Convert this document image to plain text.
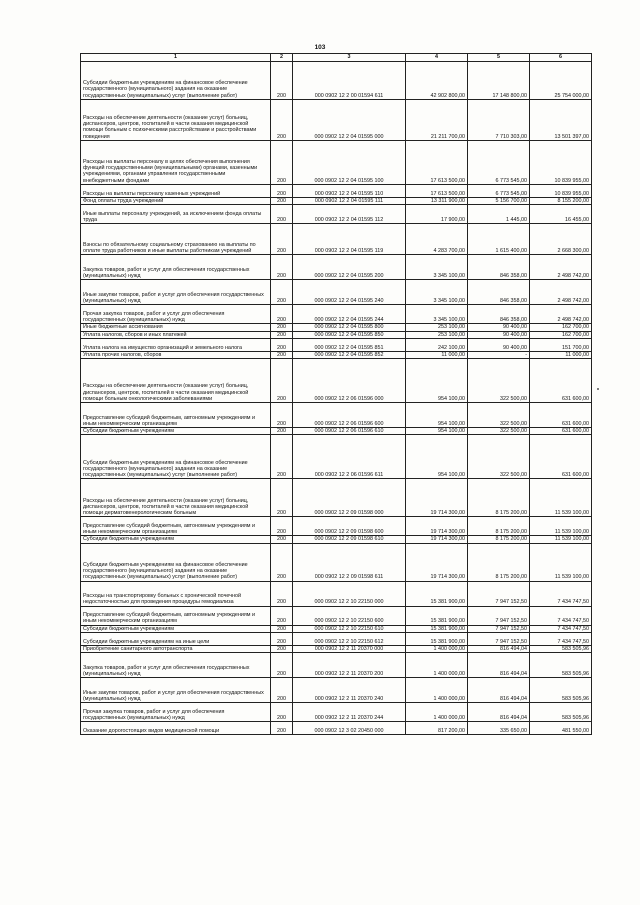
103
1	2	3	4	5	6
Субсидии бюджетным учреждениям на финансовое обеспечение государственного (муниципального) задания на оказание государственных (муниципальных) услуг (выполнение работ)	200	000 0902 12 2 00 01594 611	42 902 800,00	17 148 800,00	25 754 000,00
Расходы на обеспечение деятельности (оказание услуг) больниц, диспансеров, центров, госпиталей в части оказания медицинской помощи больным с психическими расстройствами и расстройствами поведения	200	000 0902 12 2 04 01595 000	21 211 700,00	7 710 303,00	13 501 397,00
Расходы на выплаты персоналу в целях обеспечения выполнения функций государственными (муниципальными) органами, казенными учреждениями, органами управления государственными внебюджетными фондами	200	000 0902 12 2 04 01595 100	17 613 500,00	6 773 545,00	10 839 955,00
Расходы на выплаты персоналу казенных учреждений	200	000 0902 12 2 04 01595 110	17 613 500,00	6 773 545,00	10 839 955,00
Фонд оплаты труда учреждений	200	000 0902 12 2 04 01595 111	13 311 900,00	5 156 700,00	8 155 200,00
Иные выплаты персоналу учреждений, за исключением фонда оплаты труда	200	000 0902 12 2 04 01595 112	17 900,00	1 445,00	16 455,00
Взносы по обязательному социальному страхованию на выплаты по оплате труда работников и иные выплаты работникам учреждений	200	000 0902 12 2 04 01595 119	4 283 700,00	1 615 400,00	2 668 300,00
Закупка товаров, работ и услуг для обеспечения государственных (муниципальных) нужд	200	000 0902 12 2 04 01595 200	3 345 100,00	846 358,00	2 498 742,00
Иные закупки товаров, работ и услуг для обеспечения государственных (муниципальных) нужд	200	000 0902 12 2 04 01595 240	3 345 100,00	846 358,00	2 498 742,00
Прочая закупка товаров, работ и услуг для обеспечения государственных (муниципальных) нужд	200	000 0902 12 2 04 01595 244	3 345 100,00	846 358,00	2 498 742,00
Иные бюджетные ассигнования	200	000 0902 12 2 04 01595 800	253 100,00	90 400,00	162 700,00
Уплата налогов, сборов и иных платежей	200	000 0902 12 2 04 01595 850	253 100,00	90 400,00	162 700,00
Уплата налога на имущество организаций и земельного налога	200	000 0902 12 2 04 01595 851	242 100,00	90 400,00	151 700,00
Уплата прочих налогов, сборов	200	000 0902 12 2 04 01595 852	11 000,00	-	11 000,00
Расходы на обеспечение деятельности (оказание услуг) больниц, диспансеров, центров, госпиталей в части оказания медицинской помощи больным онкологическими заболеваниями	200	000 0902 12 2 06 01596 000	954 100,00	322 500,00	631 600,00
Предоставление субсидий бюджетным, автономным учреждениям и иным некоммерческим организациям	200	000 0902 12 2 06 01596 600	954 100,00	322 500,00	631 600,00
Субсидии бюджетным учреждениям	200	000 0902 12 2 06 01596 610	954 100,00	322 500,00	631 600,00
Субсидии бюджетным учреждениям на финансовое обеспечение государственного (муниципального) задания на оказание государственных (муниципальных) услуг (выполнение работ)	200	000 0902 12 2 06 01596 611	954 100,00	322 500,00	631 600,00
Расходы на обеспечение деятельности (оказание услуг) больниц, диспансеров, центров, госпиталей в части оказания медицинской помощи дерматовенерологическим больным	200	000 0902 12 2 09 01598 000	19 714 300,00	8 175 200,00	11 539 100,00
Предоставление субсидий бюджетным, автономным учреждениям и иным некоммерческим организациям	200	000 0902 12 2 09 01598 600	19 714 300,00	8 175 200,00	11 539 100,00
Субсидии бюджетным учреждениям	200	000 0902 12 2 09 01598 610	19 714 300,00	8 175 200,00	11 539 100,00
Субсидии бюджетным учреждениям на финансовое обеспечение государственного (муниципального) задания на оказание государственных (муниципальных) услуг (выполнение работ)	200	000 0902 12 2 09 01598 611	19 714 300,00	8 175 200,00	11 539 100,00
Расходы на транспортировку больных с хронической почечной недостаточностью для проведения процедуры гемодиализа	200	000 0902 12 2 10 22150 000	15 381 900,00	7 947 152,50	7 434 747,50
Предоставление субсидий бюджетным, автономным учреждениям и иным некоммерческим организациям	200	000 0902 12 2 10 22150 600	15 381 900,00	7 947 152,50	7 434 747,50
Субсидии бюджетным учреждениям	200	000 0902 12 2 10 22150 610	15 381 900,00	7 947 152,50	7 434 747,50
Субсидии бюджетным учреждениям на иные цели	200	000 0902 12 2 10 22150 612	15 381 900,00	7 947 152,50	7 434 747,50
Приобретение санитарного автотранспорта	200	000 0902 12 2 11 20370 000	1 400 000,00	816 494,04	583 505,96
Закупка товаров, работ и услуг для обеспечения государственных (муниципальных) нужд	200	000 0902 12 2 11 20370 200	1 400 000,00	816 494,04	583 505,96
Иные закупки товаров, работ и услуг для обеспечения государственных (муниципальных) нужд	200	000 0902 12 2 11 20370 240	1 400 000,00	816 494,04	583 505,96
Прочая закупка товаров, работ и услуг для обеспечения государственных (муниципальных) нужд	200	000 0902 12 2 11 20370 244	1 400 000,00	816 494,04	583 505,96
Оказание дорогостоящих видов медицинской помощи	200	000 0902 12 3 02 20450 000	817 200,00	335 650,00	481 550,00
